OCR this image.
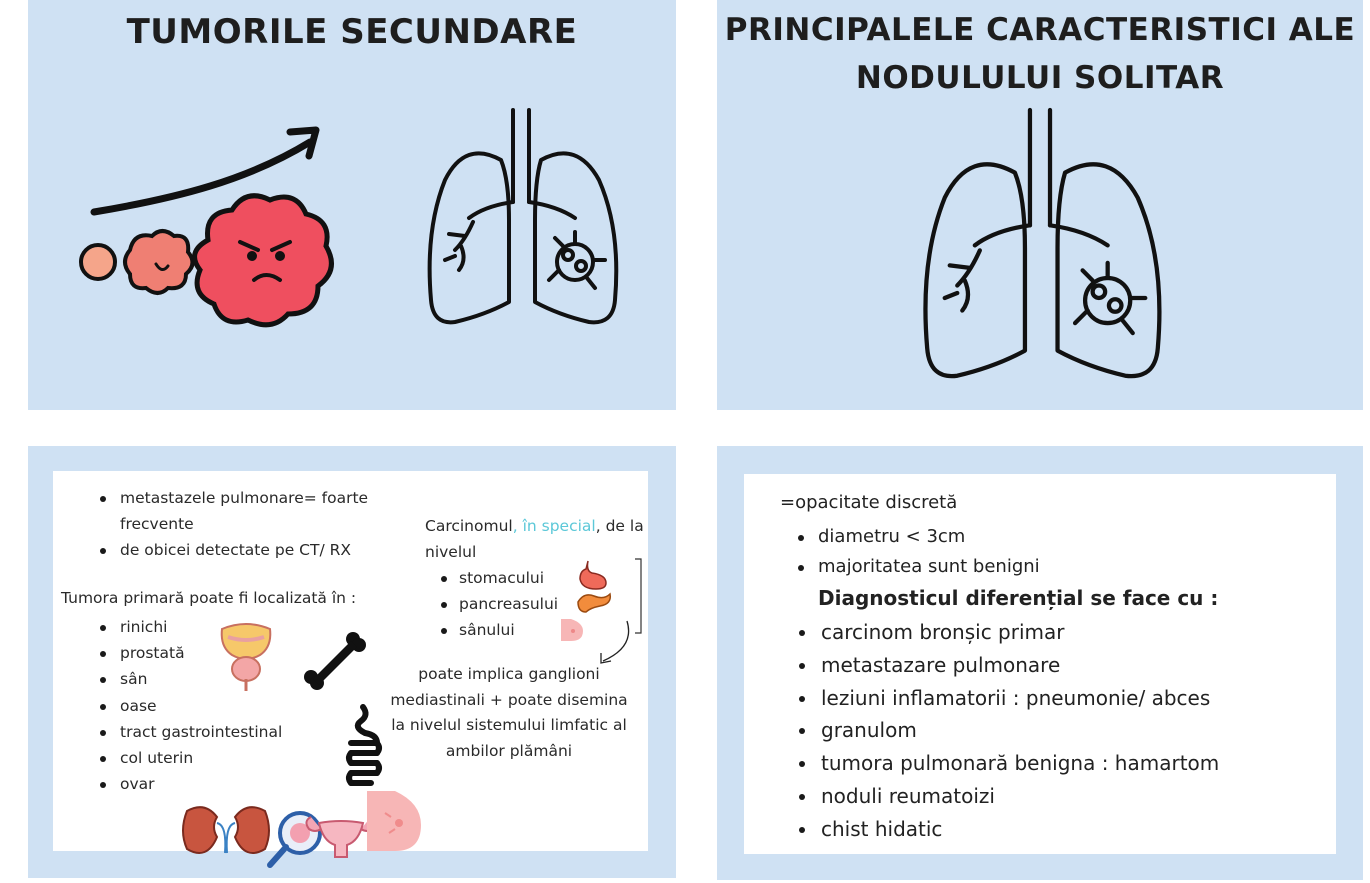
TUMORILE SECUNDARE	PRINCIPALELE CARACTERISTICI ALE
NODULULUI SOLITAR
metastazele pulmonare= foarte frecvente
de obicei detectate pe CT/ RX
Tumora primară poate fi localizată în :
rinichi
prostată
sân
oase
tract gastrointestinal
col uterin
ovar
Carcinomul, în special, de la nivelul
stomacului
pancreasului
sânului
poate implica ganglioni mediastinali + poate disemina la nivelul sistemului limfatic al ambilor plămâni
=opacitate discretă
diametru < 3cm
majoritatea sunt benigni
Diagnosticul diferențial se face cu :
carcinom bronșic primar
metastazare pulmonare
leziuni inflamatorii : pneumonie/ abces
granulom
tumora pulmonară benigna : hamartom
noduli reumatoizi
chist hidatic
